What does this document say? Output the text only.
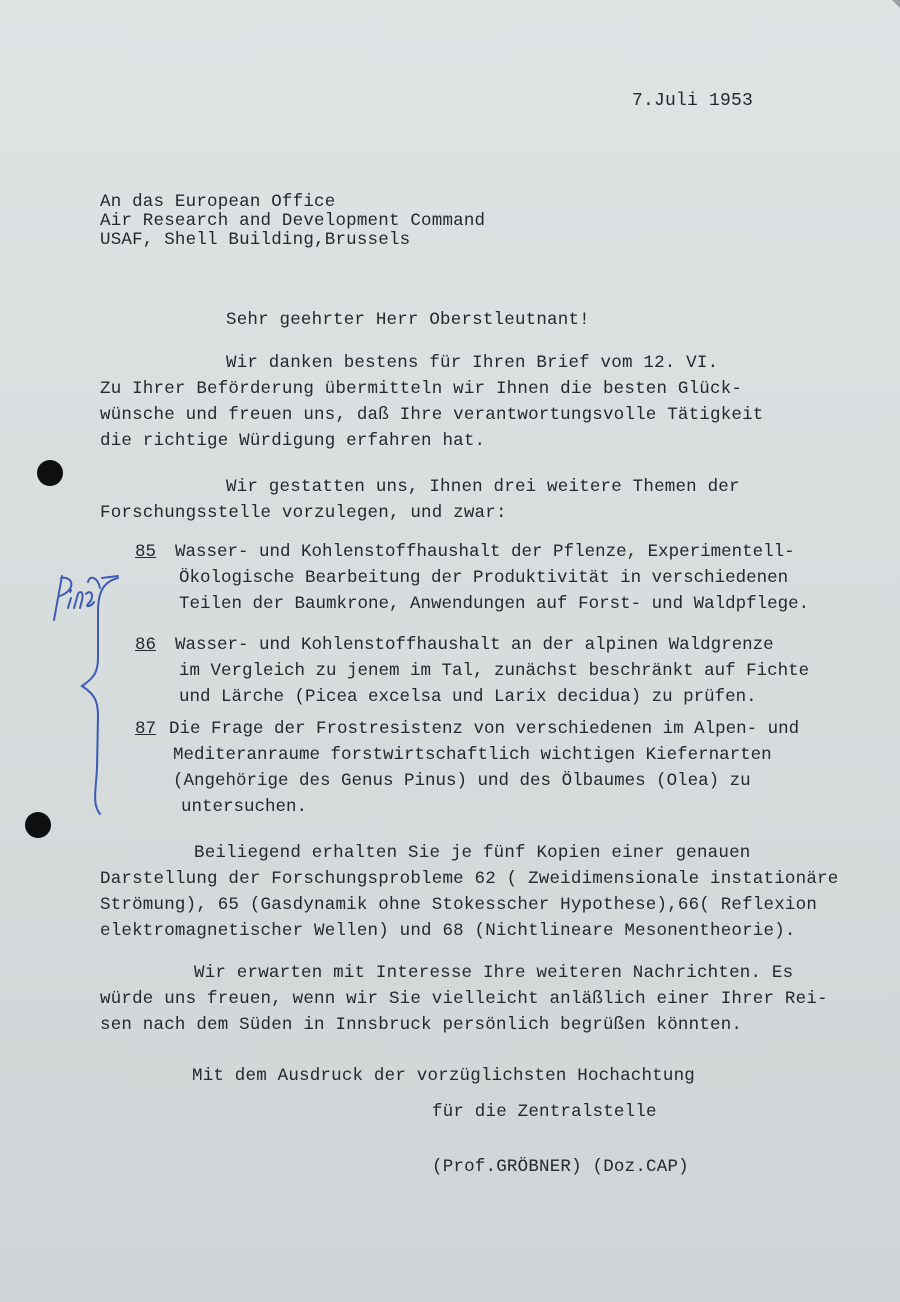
7.Juli 1953
An das European Office
Air Research and Development Command
USAF, Shell Building,Brussels
Sehr geehrter Herr Oberstleutnant!
Wir danken bestens für Ihren Brief vom 12. VI.
Zu Ihrer Beförderung übermitteln wir Ihnen die besten Glück-
wünsche und freuen uns, daß Ihre verantwortungsvolle Tätigkeit
die richtige Würdigung erfahren hat.
Wir gestatten uns, Ihnen drei weitere Themen der
Forschungsstelle vorzulegen, und zwar:
85 Wasser- und Kohlenstoffhaushalt der Pflenze, Experimentell-
Ökologische Bearbeitung der Produktivität in verschiedenen
Teilen der Baumkrone, Anwendungen auf Forst- und Waldpflege.
86 Wasser- und Kohlenstoffhaushalt an der alpinen Waldgrenze
im Vergleich zu jenem im Tal, zunächst beschränkt auf Fichte
und Lärche (Picea excelsa und Larix decidua) zu prüfen.
87 Die Frage der Frostresistenz von verschiedenen im Alpen- und
Mediteranraume forstwirtschaftlich wichtigen Kiefernarten
(Angehörige des Genus Pinus) und des Ölbaumes (Olea) zu
untersuchen.
Beiliegend erhalten Sie je fünf Kopien einer genauen
Darstellung der Forschungsprobleme 62 ( Zweidimensionale instationäre
Strömung), 65 (Gasdynamik ohne Stokesscher Hypothese),66( Reflexion
elektromagnetischer Wellen) und 68 (Nichtlineare Mesonentheorie).
Wir erwarten mit Interesse Ihre weiteren Nachrichten. Es
würde uns freuen, wenn wir Sie vielleicht anläßlich einer Ihrer Rei-
sen nach dem Süden in Innsbruck persönlich begrüßen könnten.
Mit dem Ausdruck der vorzüglichsten Hochachtung
für die Zentralstelle
(Prof.GRÖBNER) (Doz.CAP)
